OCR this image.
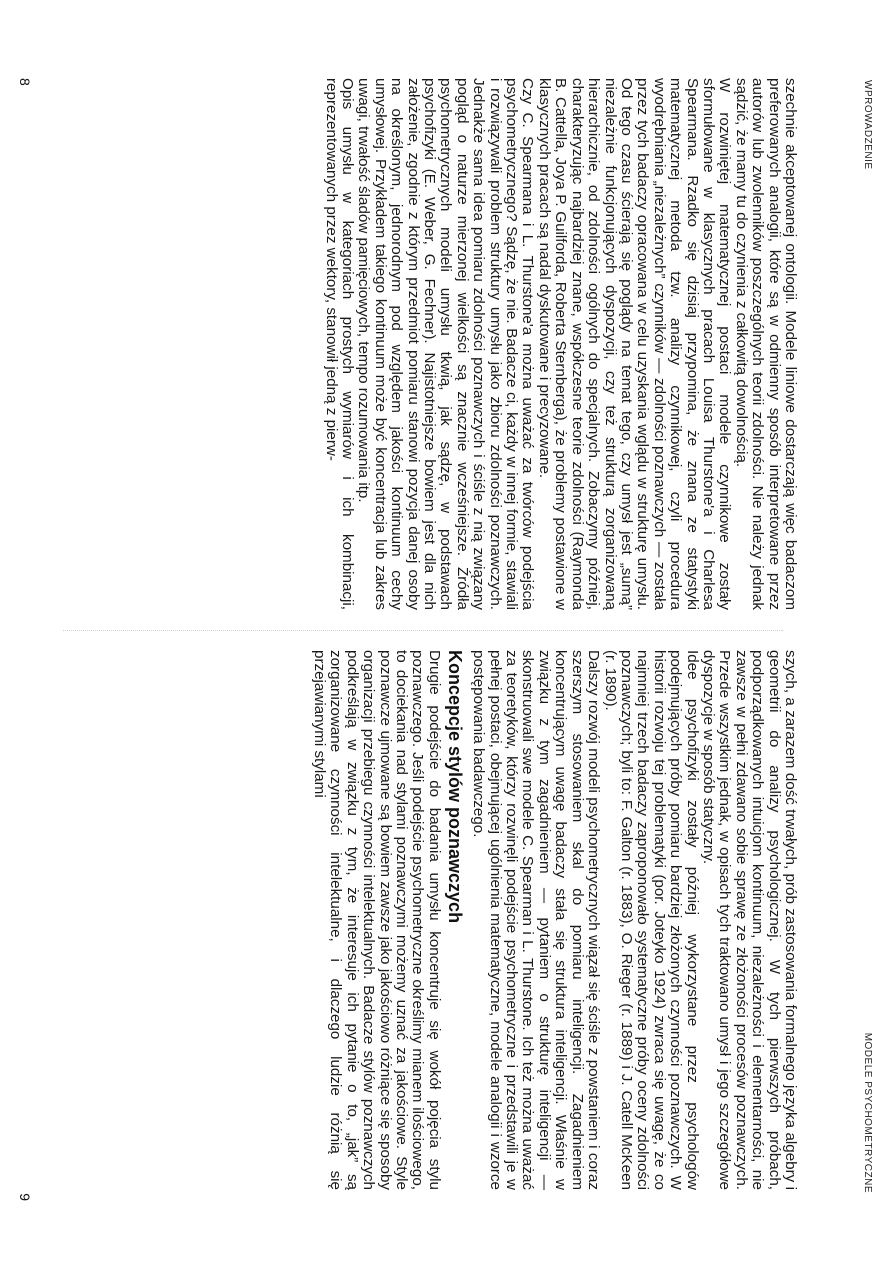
WPROWADZENIE
MODELE PSYCHOMETRYCZNE

szechnie akceptowanej ontologii. Modele liniowe dostarczają więc badaczom preferowanych analogii, które są w odmienny sposób interpretowane przez autorów lub zwolenników poszczególnych teorii zdolności. Nie należy jednak sądzić, że mamy tu do czynienia z całkowitą dowolnością.

W rozwiniętej matematycznej postaci modele czynnikowe zostały sformułowane w klasycznych pracach Louisa Thurstone'a i Charlesa Spearmana. Rzadko się dzisiaj przypomina, że znana ze statystyki matematycznej metoda tzw. analizy czynnikowej, czyli procedura wyodrębniania „niezależnych” czynników — zdolności poznawczych — została przez tych badaczy opracowana w celu uzyskania wglądu w strukturę umysłu. Od tego czasu ścierają się poglądy na temat tego, czy umysł jest „sumą” niezależnie funkcjonujących dyspozycji, czy też strukturą zorganizowaną hierarchicznie, od zdolności ogólnych do specjalnych. Zobaczymy później, charakteryzując najbardziej znane, współczesne teorie zdolności (Raymonda B. Cattella, Joya P. Guilforda, Roberta Sternberga), że problemy postawione w klasycznych pracach są nadal dyskutowane i precyzowane.

Czy C. Spearmana i L. Thurstone'a można uważać za twórców podejścia psychometrycznego? Sądzę, że nie. Badacze ci, każdy w innej formie, stawiali i rozwiązywali problem struktury umysłu jako zbioru zdolności poznawczych. Jednakże sama idea pomiaru zdolności poznawczych i ściśle z nią związany pogląd o naturze mierzonej wielkości są znacznie wcześniejsze. Źródła psychometrycznych modeli umysłu tkwią, jak sądzę, w podstawach psychofizyki (E. Weber, G. Fechner). Najistotniejsze bowiem jest dla nich założenie, zgodnie z którym przedmiot pomiaru stanowi pozycja danej osoby na określonym, jednorodnym pod względem jakości kontinuum cechy umysłowej. Przykładem takiego kontinuum może być koncentracja lub zakres uwagi, trwałość śladów pamięciowych, tempo rozumowania itp.

Opis umysłu w kategoriach prostych wymiarów i ich kombinacji, reprezentowanych przez wektory, stanowił jedną z pierw-

szych, a zarazem dość trwałych, prób zastosowania formalnego języka algebry i geometrii do analizy psychologicznej. W tych pierwszych próbach, podporządkowanych intuicjom kontinuum, niezależności i elementarności, nie zawsze w pełni zdawano sobie sprawę ze złożoności procesów poznawczych. Przede wszystkim jednak, w opisach tych traktowano umysł i jego szczegółowe dyspozycje w sposób statyczny.

Idee psychofizyki zostały później wykorzystane przez psychologów podejmujących próby pomiaru bardziej złożonych czynności poznawczych. W historii rozwoju tej problematyki (por. Joteyko 1924) zwraca się uwagę, że co najmniej trzech badaczy zaproponowało systematyczne próby oceny zdolności poznawczych; byli to: F. Galton (r. 1883), O. Rieger (r. 1889) i J. Catell McKeen (r. 1890).

Dalszy rozwój modeli psychometrycznych wiązał się ściśle z powstaniem i coraz szerszym stosowaniem skal do pomiaru inteligencji. Zagadnieniem koncentrującym uwagę badaczy stała się struktura inteligencji. Właśnie w związku z tym zagadnieniem — pytaniem o strukturę inteligencji — skonstruowali swe modele C. Spearman i L. Thurstone. Ich też można uważać za teoretyków, którzy rozwinęli podejście psychometryczne i przedstawili je w pełnej postaci, obejmującej ugólnienia matematyczne, modele analogii i wzorce postępowania badawczego.

Koncepcje stylów poznawczych

Drugie podejście do badania umysłu koncentruje się wokół pojęcia stylu poznawczego. Jeśli podejście psychometryczne określimy mianem ilościowego, to dociekania nad stylami poznawczymi możemy uznać za jakościowe. Style poznawcze ujmowane są bowiem zawsze jako jakościowo różniące się sposoby organizacji przebiegu czynności intelektualnych. Badacze stylów poznawczych podkreślają w związku z tym, że interesuje ich pytanie o to, „jak” są zorganizowane czynności intelektualne, i dlaczego ludzie różnią się przejawianymi stylami

8
9
